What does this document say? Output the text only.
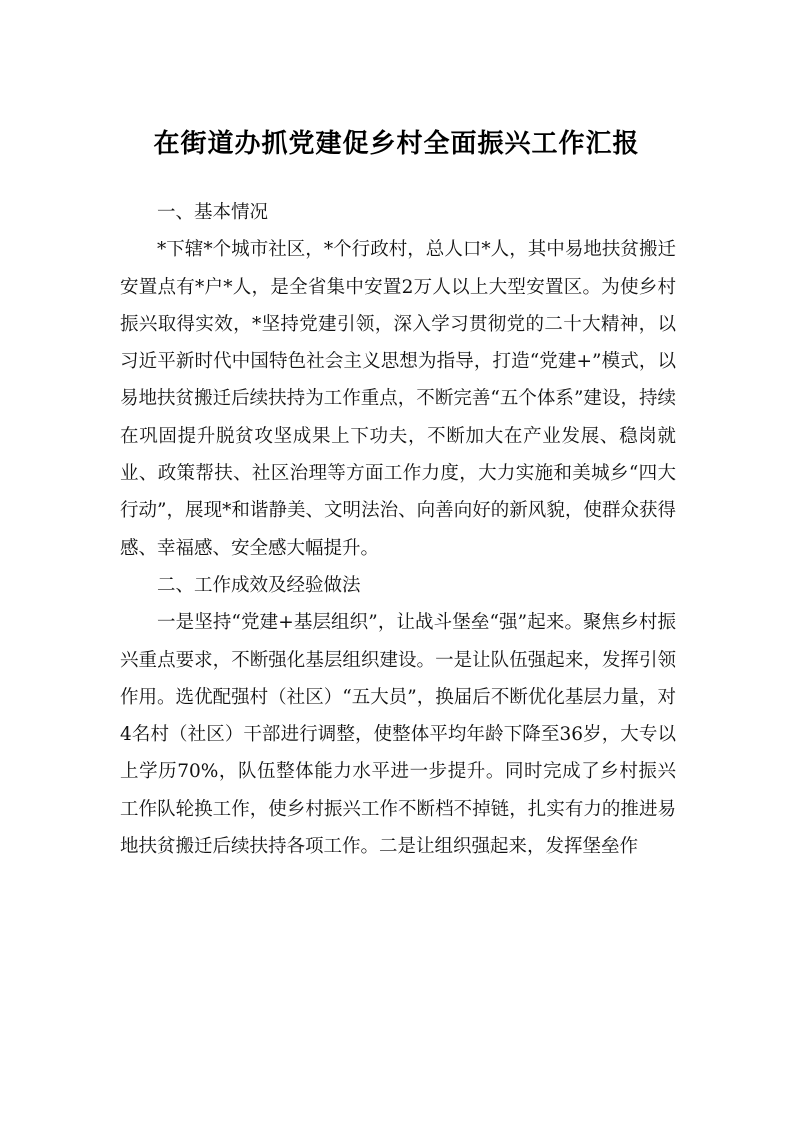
在街道办抓党建促乡村全面振兴工作汇报

一、基本情况

*下辖*个城市社区，*个行政村，总人口*人，其中易地扶贫搬迁安置点有*户*人，是全省集中安置2万人以上大型安置区。为使乡村振兴取得实效，*坚持党建引领，深入学习贯彻党的二十大精神，以习近平新时代中国特色社会主义思想为指导，打造“党建+”模式，以易地扶贫搬迁后续扶持为工作重点，不断完善“五个体系”建设，持续在巩固提升脱贫攻坚成果上下功夫，不断加大在产业发展、稳岗就业、政策帮扶、社区治理等方面工作力度，大力实施和美城乡“四大行动”，展现*和谐静美、文明法治、向善向好的新风貌，使群众获得感、幸福感、安全感大幅提升。

二、工作成效及经验做法

一是坚持“党建+基层组织”，让战斗堡垒“强”起来。聚焦乡村振兴重点要求，不断强化基层组织建设。一是让队伍强起来，发挥引领作用。选优配强村（社区）“五大员”，换届后不断优化基层力量，对4名村（社区）干部进行调整，使整体平均年龄下降至36岁，大专以上学历70%，队伍整体能力水平进一步提升。同时完成了乡村振兴工作队轮换工作，使乡村振兴工作不断档不掉链，扎实有力的推进易地扶贫搬迁后续扶持各项工作。二是让组织强起来，发挥堡垒作
